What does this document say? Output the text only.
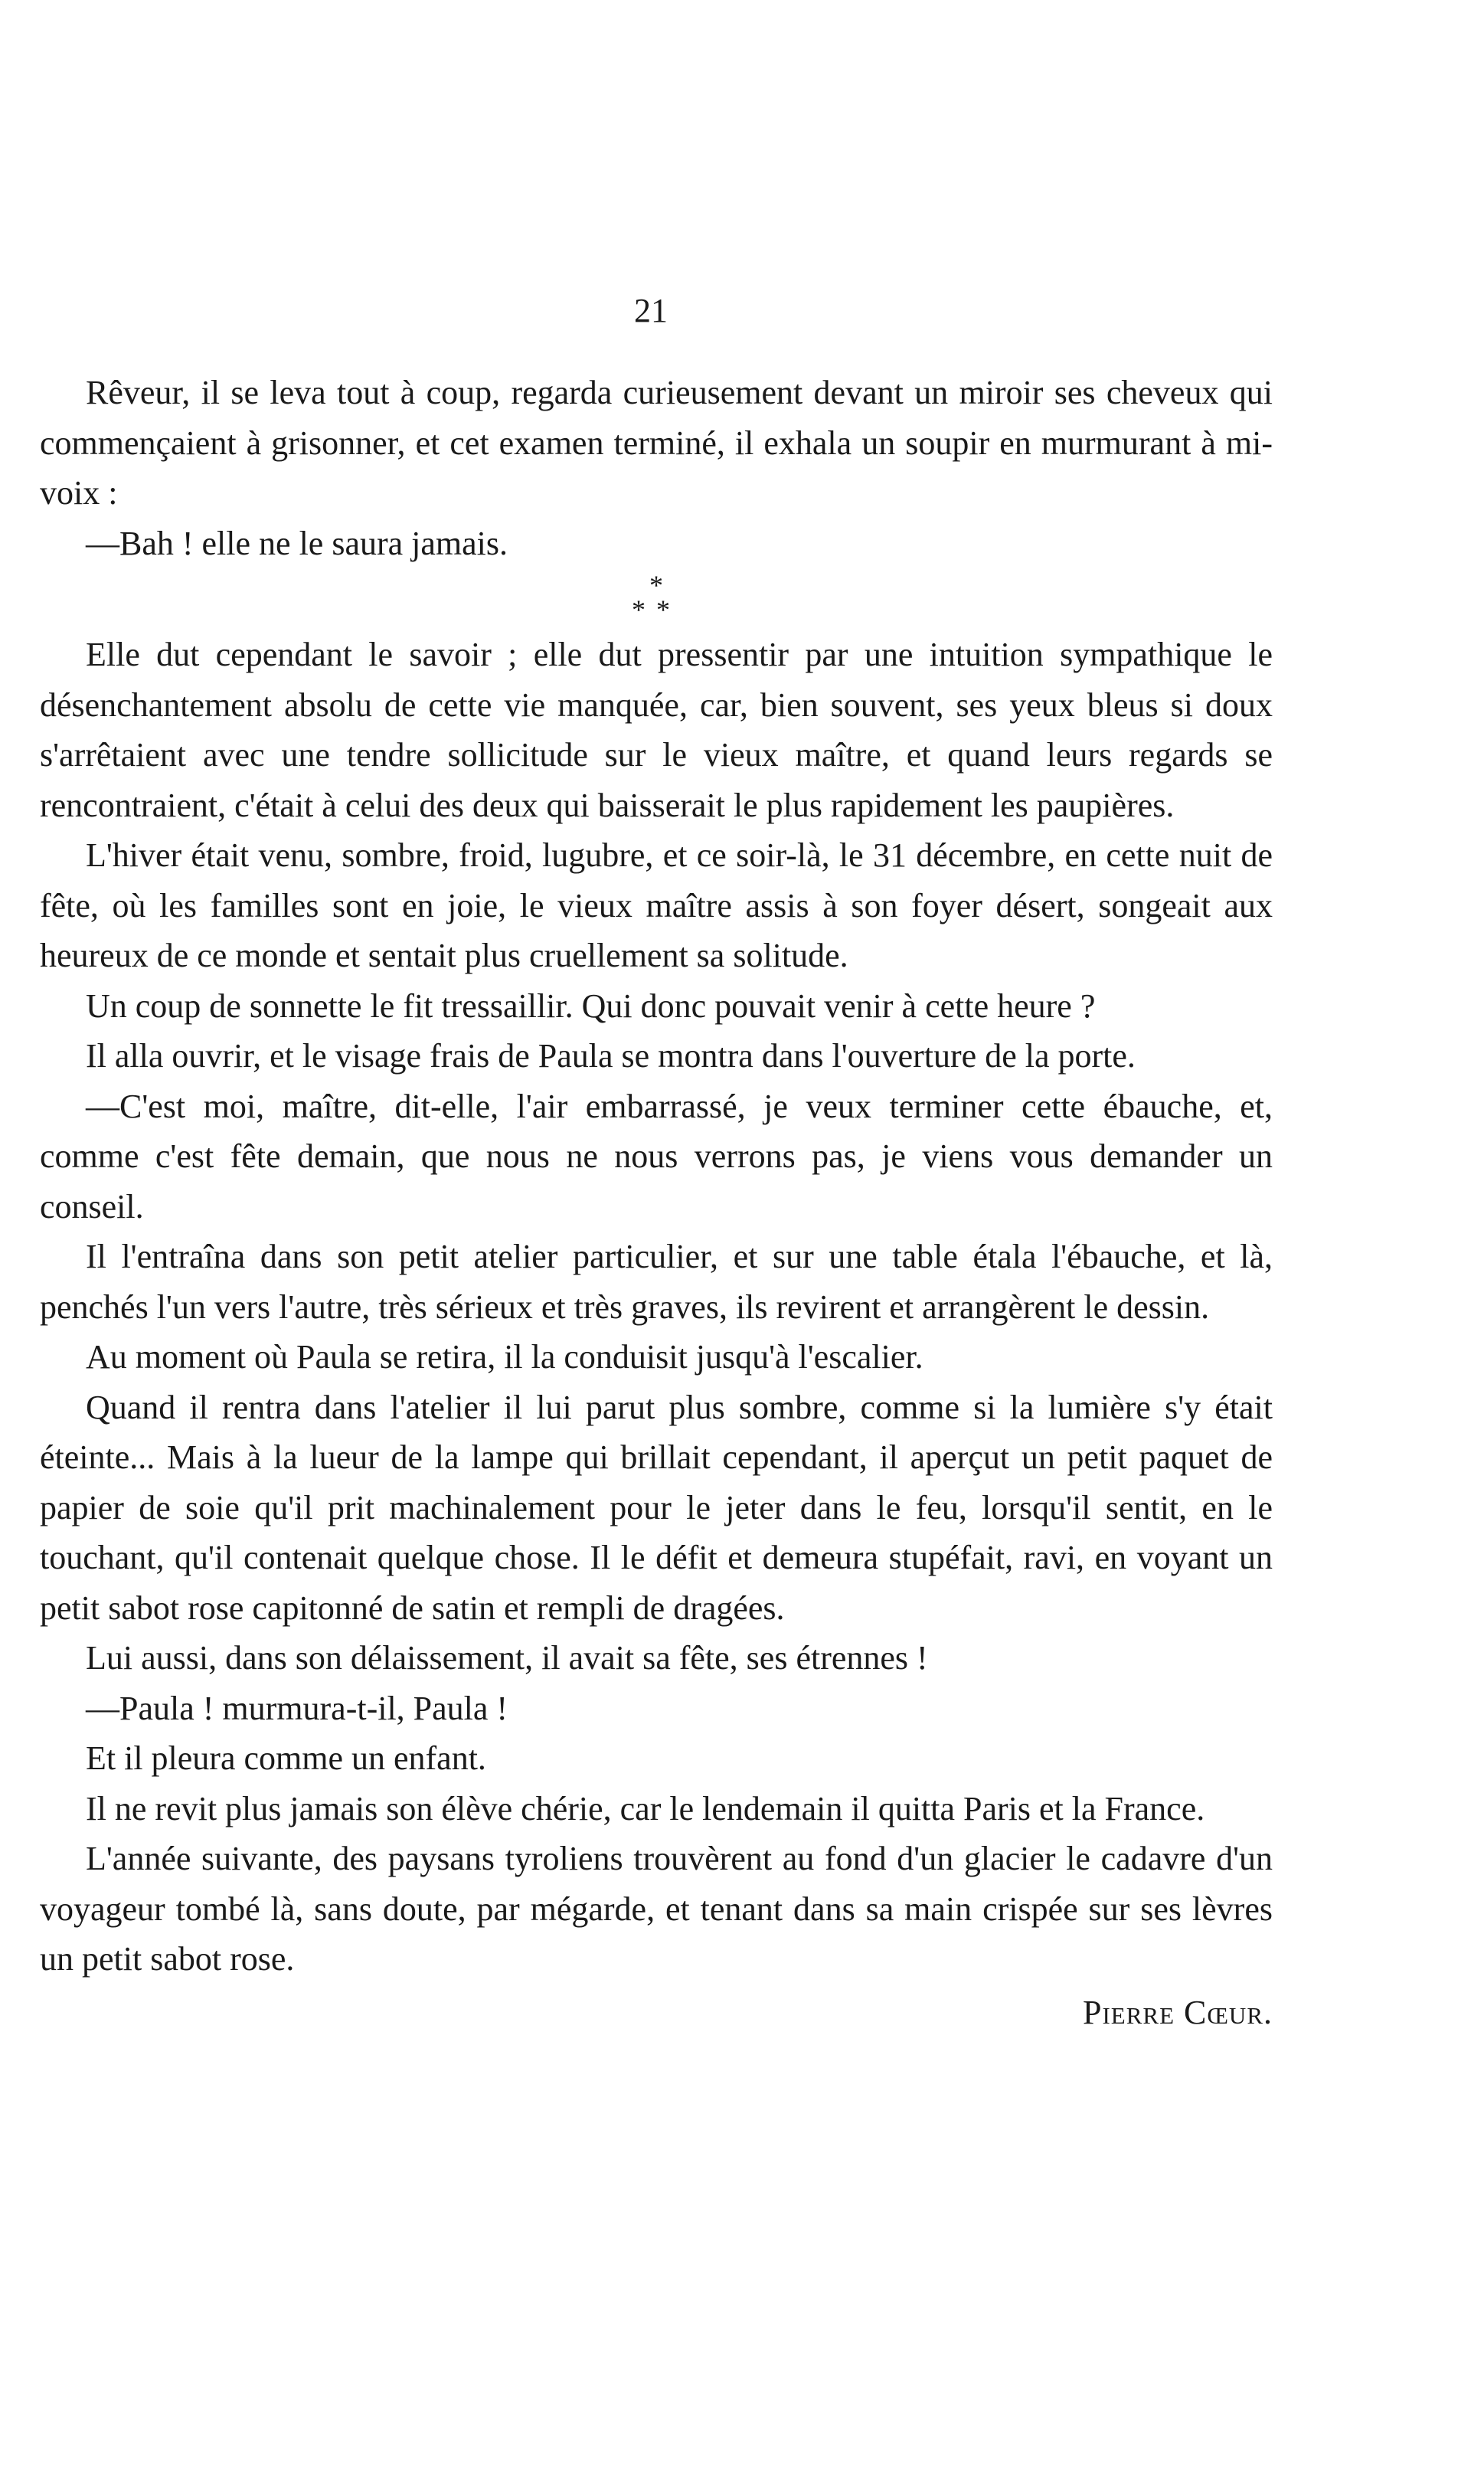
21

Rêveur, il se leva tout à coup, regarda curieusement devant un miroir ses cheveux qui commençaient à grisonner, et cet examen terminé, il exhala un soupir en murmurant à mi-voix :

—Bah ! elle ne le saura jamais.

*
**

Elle dut cependant le savoir ; elle dut pressentir par une intuition sympathique le désenchantement absolu de cette vie manquée, car, bien souvent, ses yeux bleus si doux s'arrêtaient avec une tendre sollicitude sur le vieux maître, et quand leurs regards se rencontraient, c'était à celui des deux qui baisserait le plus rapidement les paupières.

L'hiver était venu, sombre, froid, lugubre, et ce soir-là, le 31 décembre, en cette nuit de fête, où les familles sont en joie, le vieux maître assis à son foyer désert, songeait aux heureux de ce monde et sentait plus cruellement sa solitude.

Un coup de sonnette le fit tressaillir. Qui donc pouvait venir à cette heure ?

Il alla ouvrir, et le visage frais de Paula se montra dans l'ouverture de la porte.

—C'est moi, maître, dit-elle, l'air embarrassé, je veux terminer cette ébauche, et, comme c'est fête demain, que nous ne nous verrons pas, je viens vous demander un conseil.

Il l'entraîna dans son petit atelier particulier, et sur une table étala l'ébauche, et là, penchés l'un vers l'autre, très sérieux et très graves, ils revirent et arrangèrent le dessin.

Au moment où Paula se retira, il la conduisit jusqu'à l'escalier.

Quand il rentra dans l'atelier il lui parut plus sombre, comme si la lumière s'y était éteinte... Mais à la lueur de la lampe qui brillait cependant, il aperçut un petit paquet de papier de soie qu'il prit machinalement pour le jeter dans le feu, lorsqu'il sentit, en le touchant, qu'il contenait quelque chose. Il le défit et demeura stupéfait, ravi, en voyant un petit sabot rose capitonné de satin et rempli de dragées.

Lui aussi, dans son délaissement, il avait sa fête, ses étrennes !

—Paula ! murmura-t-il, Paula !

Et il pleura comme un enfant.

Il ne revit plus jamais son élève chérie, car le lendemain il quitta Paris et la France.

L'année suivante, des paysans tyroliens trouvèrent au fond d'un glacier le cadavre d'un voyageur tombé là, sans doute, par mégarde, et tenant dans sa main crispée sur ses lèvres un petit sabot rose.

Pierre Cœur.
